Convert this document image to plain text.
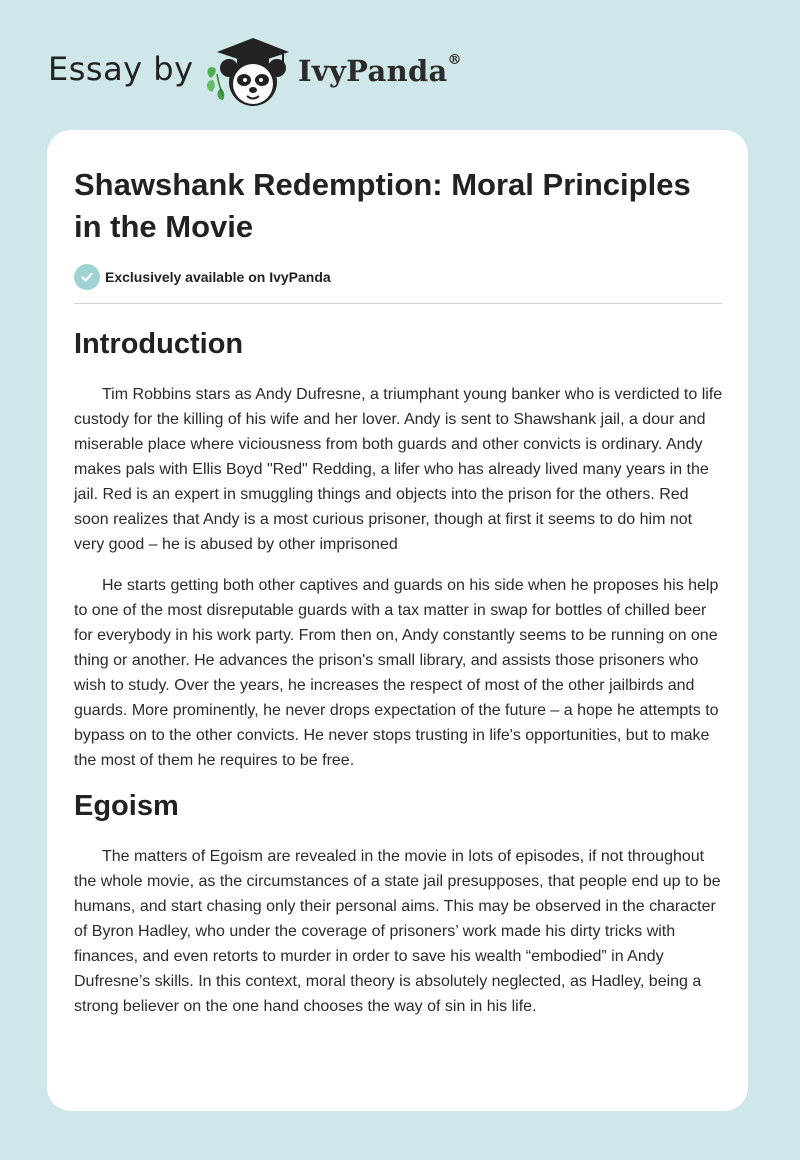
Essay by	IvyPanda®
Shawshank Redemption: Moral Principles in the Movie
Exclusively available on IvyPanda
Introduction

Tim Robbins stars as Andy Dufresne, a triumphant young banker who is verdicted to life custody for the killing of his wife and her lover. Andy is sent to Shawshank jail, a dour and miserable place where viciousness from both guards and other convicts is ordinary. Andy makes pals with Ellis Boyd "Red" Redding, a lifer who has already lived many years in the jail. Red is an expert in smuggling things and objects into the prison for the others. Red soon realizes that Andy is a most curious prisoner, though at first it seems to do him not very good – he is abused by other imprisoned

He starts getting both other captives and guards on his side when he proposes his help to one of the most disreputable guards with a tax matter in swap for bottles of chilled beer for everybody in his work party. From then on, Andy constantly seems to be running on one thing or another. He advances the prison's small library, and assists those prisoners who wish to study. Over the years, he increases the respect of most of the other jailbirds and guards. More prominently, he never drops expectation of the future – a hope he attempts to bypass on to the other convicts. He never stops trusting in life's opportunities, but to make the most of them he requires to be free.

Egoism

The matters of Egoism are revealed in the movie in lots of episodes, if not throughout the whole movie, as the circumstances of a state jail presupposes, that people end up to be humans, and start chasing only their personal aims. This may be observed in the character of Byron Hadley, who under the coverage of prisoners’ work made his dirty tricks with finances, and even retorts to murder in order to save his wealth “embodied” in Andy Dufresne’s skills. In this context, moral theory is absolutely neglected, as Hadley, being a strong believer on the one hand chooses the way of sin in his life.
